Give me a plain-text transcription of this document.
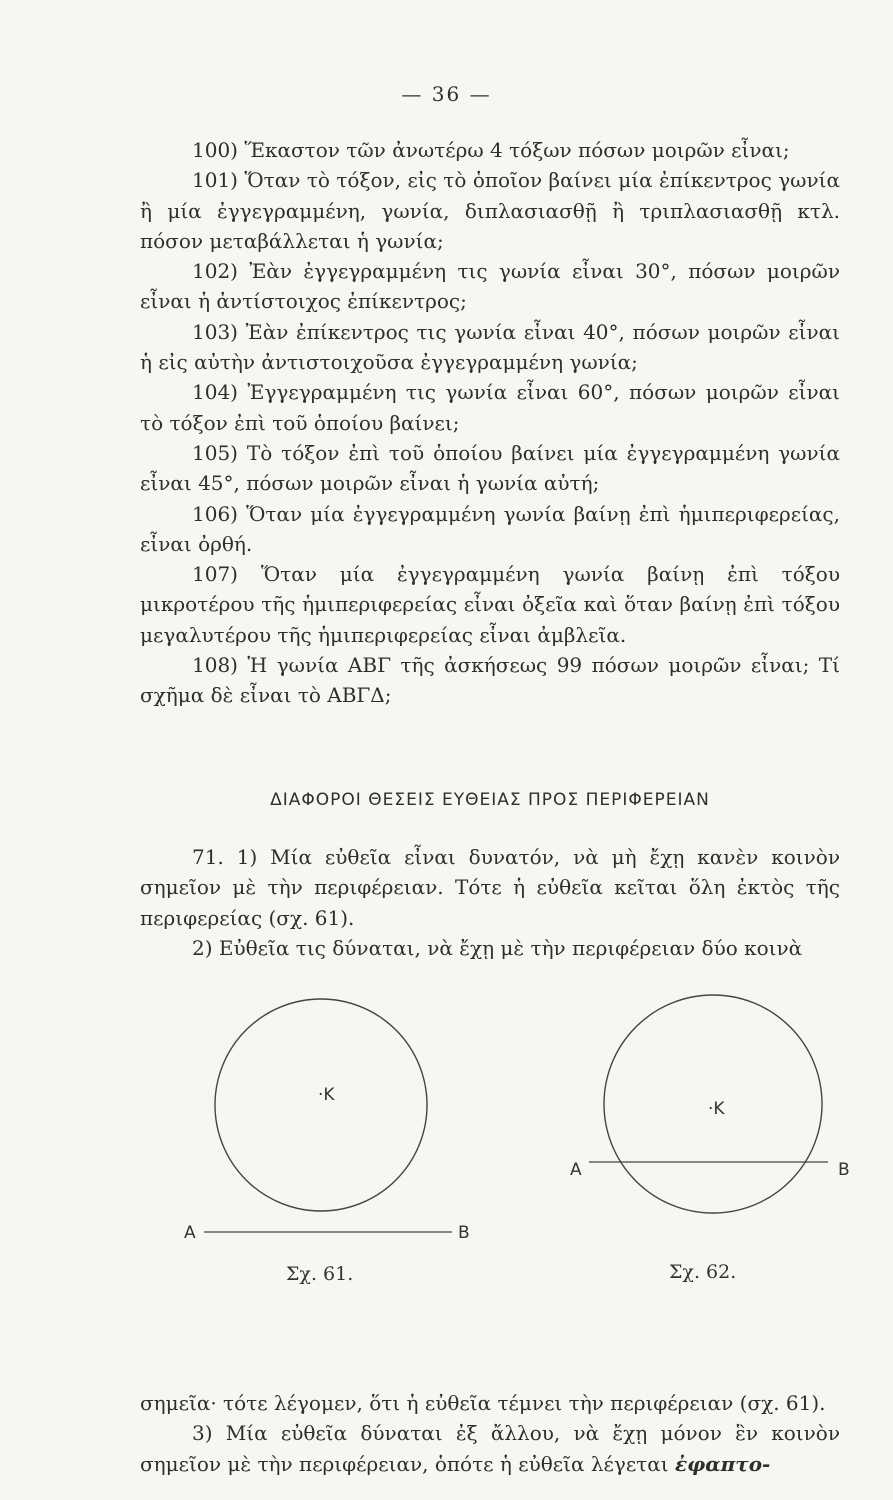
— 36 —

100) Ἕκαστον τῶν ἀνωτέρω 4 τόξων πόσων μοιρῶν εἶναι;

101) Ὅταν τὸ τόξον, εἰς τὸ ὁποῖον βαίνει μία ἐπίκεντρος γωνία ἢ μία ἐγγεγραμμένη, γωνία, διπλασιασθῇ ἢ τριπλασιασθῇ κτλ. πόσον μεταβάλλεται ἡ γωνία;

102) Ἐὰν ἐγγεγραμμένη τις γωνία εἶναι 30°, πόσων μοιρῶν εἶναι ἡ ἀντίστοιχος ἐπίκεντρος;

103) Ἐὰν ἐπίκεντρος τις γωνία εἶναι 40°, πόσων μοιρῶν εἶναι ἡ εἰς αὐτὴν ἀντιστοιχοῦσα ἐγγεγραμμένη γωνία;

104) Ἐγγεγραμμένη τις γωνία εἶναι 60°, πόσων μοιρῶν εἶναι τὸ τόξον ἐπὶ τοῦ ὁποίου βαίνει;

105) Τὸ τόξον ἐπὶ τοῦ ὁποίου βαίνει μία ἐγγεγραμμένη γωνία εἶναι 45°, πόσων μοιρῶν εἶναι ἡ γωνία αὐτή;

106) Ὅταν μία ἐγγεγραμμένη γωνία βαίνῃ ἐπὶ ἡμιπεριφερείας, εἶναι ὀρθή.

107) Ὅταν μία ἐγγεγραμμένη γωνία βαίνῃ ἐπὶ τόξου μικροτέρου τῆς ἡμιπεριφερείας εἶναι ὀξεῖα καὶ ὅταν βαίνῃ ἐπὶ τόξου μεγαλυτέρου τῆς ἡμιπεριφερείας εἶναι ἀμβλεῖα.

108) Ἡ γωνία ΑΒΓ τῆς ἀσκήσεως 99 πόσων μοιρῶν εἶναι; Τί σχῆμα δὲ εἶναι τὸ ΑΒΓΔ;

ΔΙΑΦΟΡΟΙ ΘΕΣΕΙΣ ΕΥΘΕΙΑΣ ΠΡΟΣ ΠΕΡΙΦΕΡΕΙΑΝ

71. 1) Μία εὐθεῖα εἶναι δυνατόν, νὰ μὴ ἔχῃ κανὲν κοινὸν σημεῖον μὲ τὴν περιφέρειαν. Τότε ἡ εὐθεῖα κεῖται ὅλη ἐκτὸς τῆς περιφερείας (σχ. 61).

2) Εὐθεῖα τις δύναται, νὰ ἔχῃ μὲ τὴν περιφέρειαν δύο κοινὰ

·Κ
Α	Β
Σχ. 61.
·Κ
Α	Β
Σχ. 62.

σημεῖα· τότε λέγομεν, ὅτι ἡ εὐθεῖα τέμνει τὴν περιφέρειαν (σχ. 61).

3) Μία εὐθεῖα δύναται ἐξ ἄλλου, νὰ ἔχῃ μόνον ἓν κοινὸν σημεῖον μὲ τὴν περιφέρειαν, ὁπότε ἡ εὐθεῖα λέγεται ἐφαπτο-
